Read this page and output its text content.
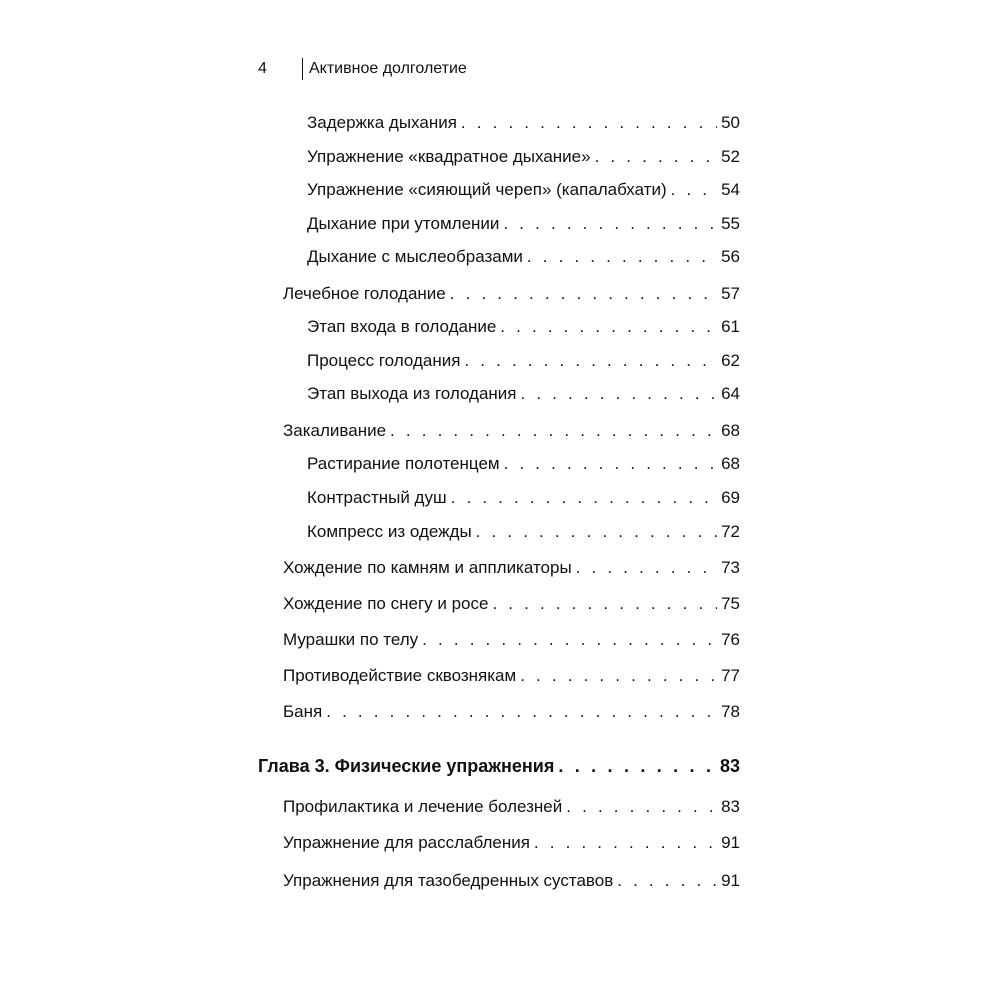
4	Активное долголетие
Задержка дыхания . . .	50
Упражнение «квадратное дыхание» . . .	52
Упражнение «сияющий череп» (капалабхати) . . .	54
Дыхание при утомлении . . .	55
Дыхание с мыслеобразами . . .	56
Лечебное голодание . . .	57
Этап входа в голодание . . .	61
Процесс голодания . . .	62
Этап выхода из голодания . . .	64
Закаливание . . .	68
Растирание полотенцем . . .	68
Контрастный душ . . .	69
Компресс из одежды . . .	72
Хождение по камням и аппликаторы . . .	73
Хождение по снегу и росе . . .	75
Мурашки по телу . . .	76
Противодействие сквознякам . . .	77
Баня . . .	78
Глава 3. Физические упражнения . . .	83
Профилактика и лечение болезней . . .	83
Упражнение для расслабления . . .	91
Упражнения для тазобедренных суставов . . .	91
